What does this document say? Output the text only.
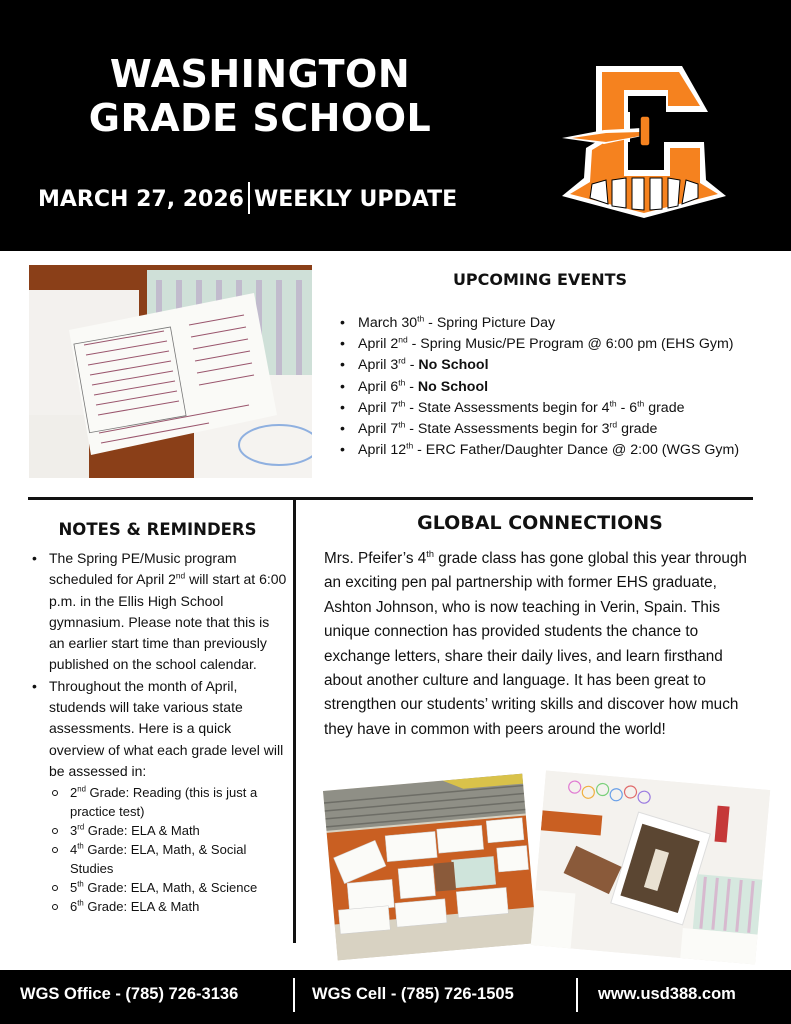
WASHINGTON
GRADE SCHOOL
MARCH 27, 2026 WEEKLY UPDATE
UPCOMING EVENTS
• March 30th - Spring Picture Day
• April 2nd - Spring Music/PE Program @ 6:00 pm (EHS Gym)
• April 3rd - No School
• April 6th - No School
• April 7th - State Assessments begin for 4th - 6th grade
• April 7th - State Assessments begin for 3rd grade
• April 12th - ERC Father/Daughter Dance @ 2:00 (WGS Gym)
NOTES & REMINDERS
• The Spring PE/Music program scheduled for April 2nd will start at 6:00 p.m. in the Ellis High School gymnasium. Please note that this is an earlier start time than previously published on the school calendar.
• Throughout the month of April, studends will take various state assessments. Here is a quick overview of what each grade level will be assessed in:
2nd Grade: Reading (this is just a practice test)
3rd Grade: ELA & Math
4th Garde: ELA, Math, & Social Studies
5th Grade: ELA, Math, & Science
6th Grade: ELA & Math
GLOBAL CONNECTIONS

Mrs. Pfeifer’s 4th grade class has gone global this year through an exciting pen pal partnership with former EHS graduate, Ashton Johnson, who is now teaching in Verin, Spain. This unique connection has provided students the chance to exchange letters, share their daily lives, and learn firsthand about another culture and language. It has been great to strengthen our students’ writing skills and discover how much they have in common with peers around the world!

WGS Office - (785) 726-3136	WGS Cell - (785) 726-1505	www.usd388.com
